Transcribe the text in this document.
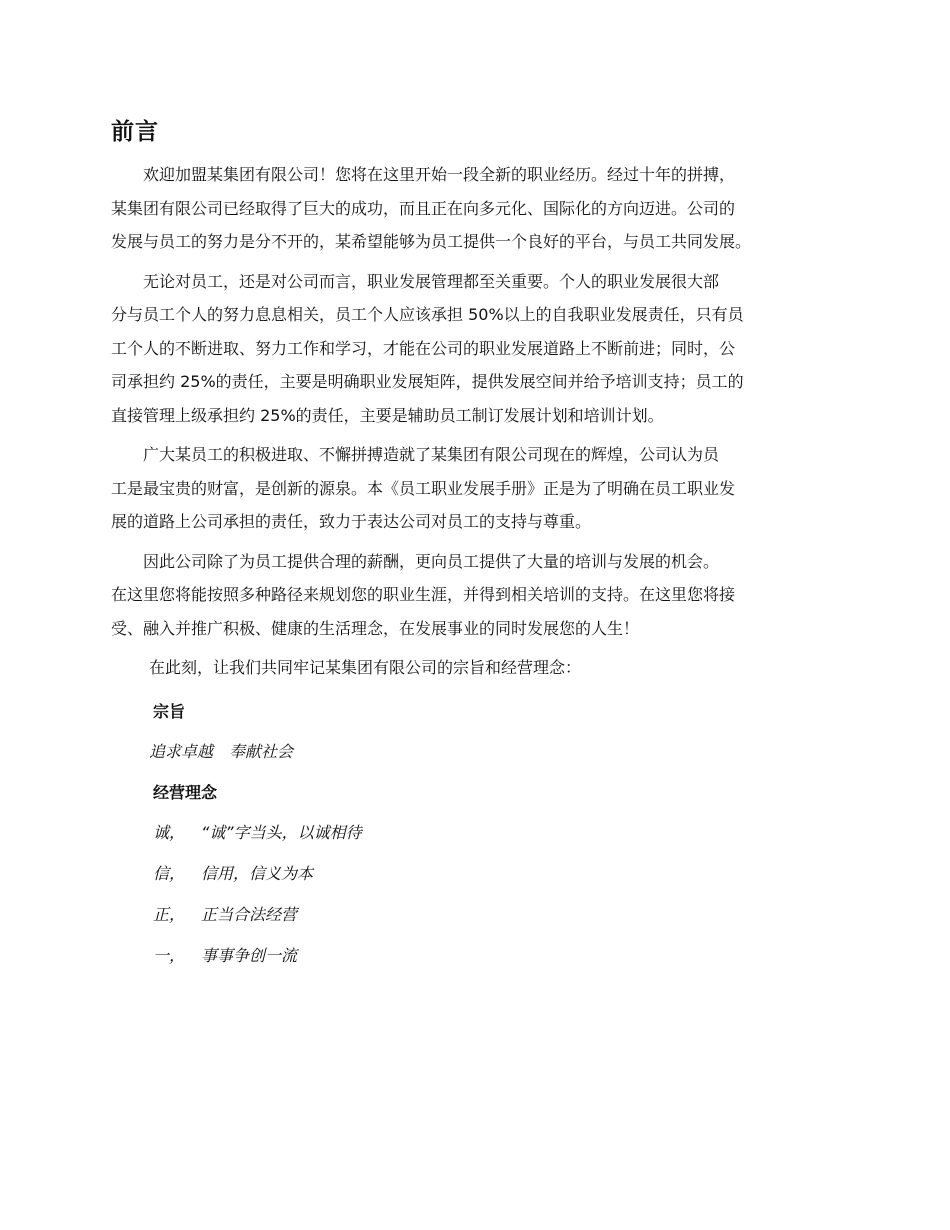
前言
欢迎加盟某集团有限公司！您将在这里开始一段全新的职业经历。经过十年的拼搏，
某集团有限公司已经取得了巨大的成功，而且正在向多元化、国际化的方向迈进。公司的
发展与员工的努力是分不开的，某希望能够为员工提供一个良好的平台，与员工共同发展。
无论对员工，还是对公司而言，职业发展管理都至关重要。个人的职业发展很大部
分与员工个人的努力息息相关，员工个人应该承担 50%以上的自我职业发展责任，只有员
工个人的不断进取、努力工作和学习，才能在公司的职业发展道路上不断前进；同时，公
司承担约 25%的责任，主要是明确职业发展矩阵，提供发展空间并给予培训支持；员工的
直接管理上级承担约 25%的责任，主要是辅助员工制订发展计划和培训计划。
广大某员工的积极进取、不懈拼搏造就了某集团有限公司现在的辉煌，公司认为员
工是最宝贵的财富，是创新的源泉。本《员工职业发展手册》正是为了明确在员工职业发
展的道路上公司承担的责任，致力于表达公司对员工的支持与尊重。
因此公司除了为员工提供合理的薪酬，更向员工提供了大量的培训与发展的机会。
在这里您将能按照多种路径来规划您的职业生涯，并得到相关培训的支持。在这里您将接
受、融入并推广积极、健康的生活理念，在发展事业的同时发展您的人生！
在此刻，让我们共同牢记某集团有限公司的宗旨和经营理念：
宗旨
追求卓越　奉献社会
经营理念
诚， “诚”字当头，以诚相待
信， 信用，信义为本
正， 正当合法经营
一， 事事争创一流
